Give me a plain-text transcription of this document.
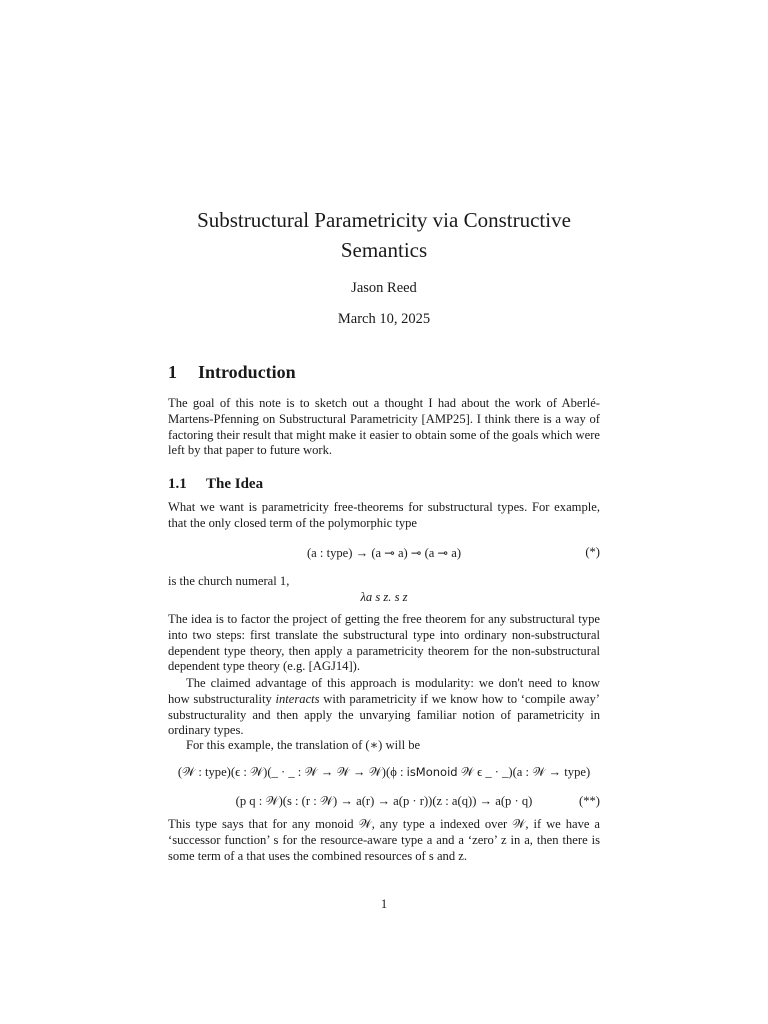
Substructural Parametricity via Constructive
Semantics
Jason Reed
March 10, 2025
1 Introduction

The goal of this note is to sketch out a thought I had about the work of Aberlé-Martens-Pfenning on Substructural Parametricity [AMP25]. I think there is a way of factoring their result that might make it easier to obtain some of the goals which were left by that paper to future work.

1.1 The Idea

What we want is parametricity free-theorems for substructural types. For example, that the only closed term of the polymorphic type

(a : type) → (a ⊸ a) ⊸ (a ⊸ a)	(*)

is the church numeral 1,

λa s z. s z

The idea is to factor the project of getting the free theorem for any substructural type into two steps: first translate the substructural type into ordinary non-substructural dependent type theory, then apply a parametricity theorem for the non-substructural dependent type theory (e.g. [AGJ14]).

The claimed advantage of this approach is modularity: we don't need to know how substructurality interacts with parametricity if we know how to ‘compile away’ substructurality and then apply the unvarying familiar notion of parametricity in ordinary types.

For this example, the translation of (∗) will be

(𝒲 : type)(ϵ : 𝒲)(_ · _ : 𝒲 → 𝒲 → 𝒲)(ϕ : isMonoid 𝒲 ϵ _ · _)(a : 𝒲 → type)
(p q : 𝒲)(s : (r : 𝒲) → a(r) → a(p · r))(z : a(q)) → a(p · q)	(**)

This type says that for any monoid 𝒲, any type a indexed over 𝒲, if we have a ‘successor function’ s for the resource-aware type a and a ‘zero’ z in a, then there is some term of a that uses the combined resources of s and z.

1
